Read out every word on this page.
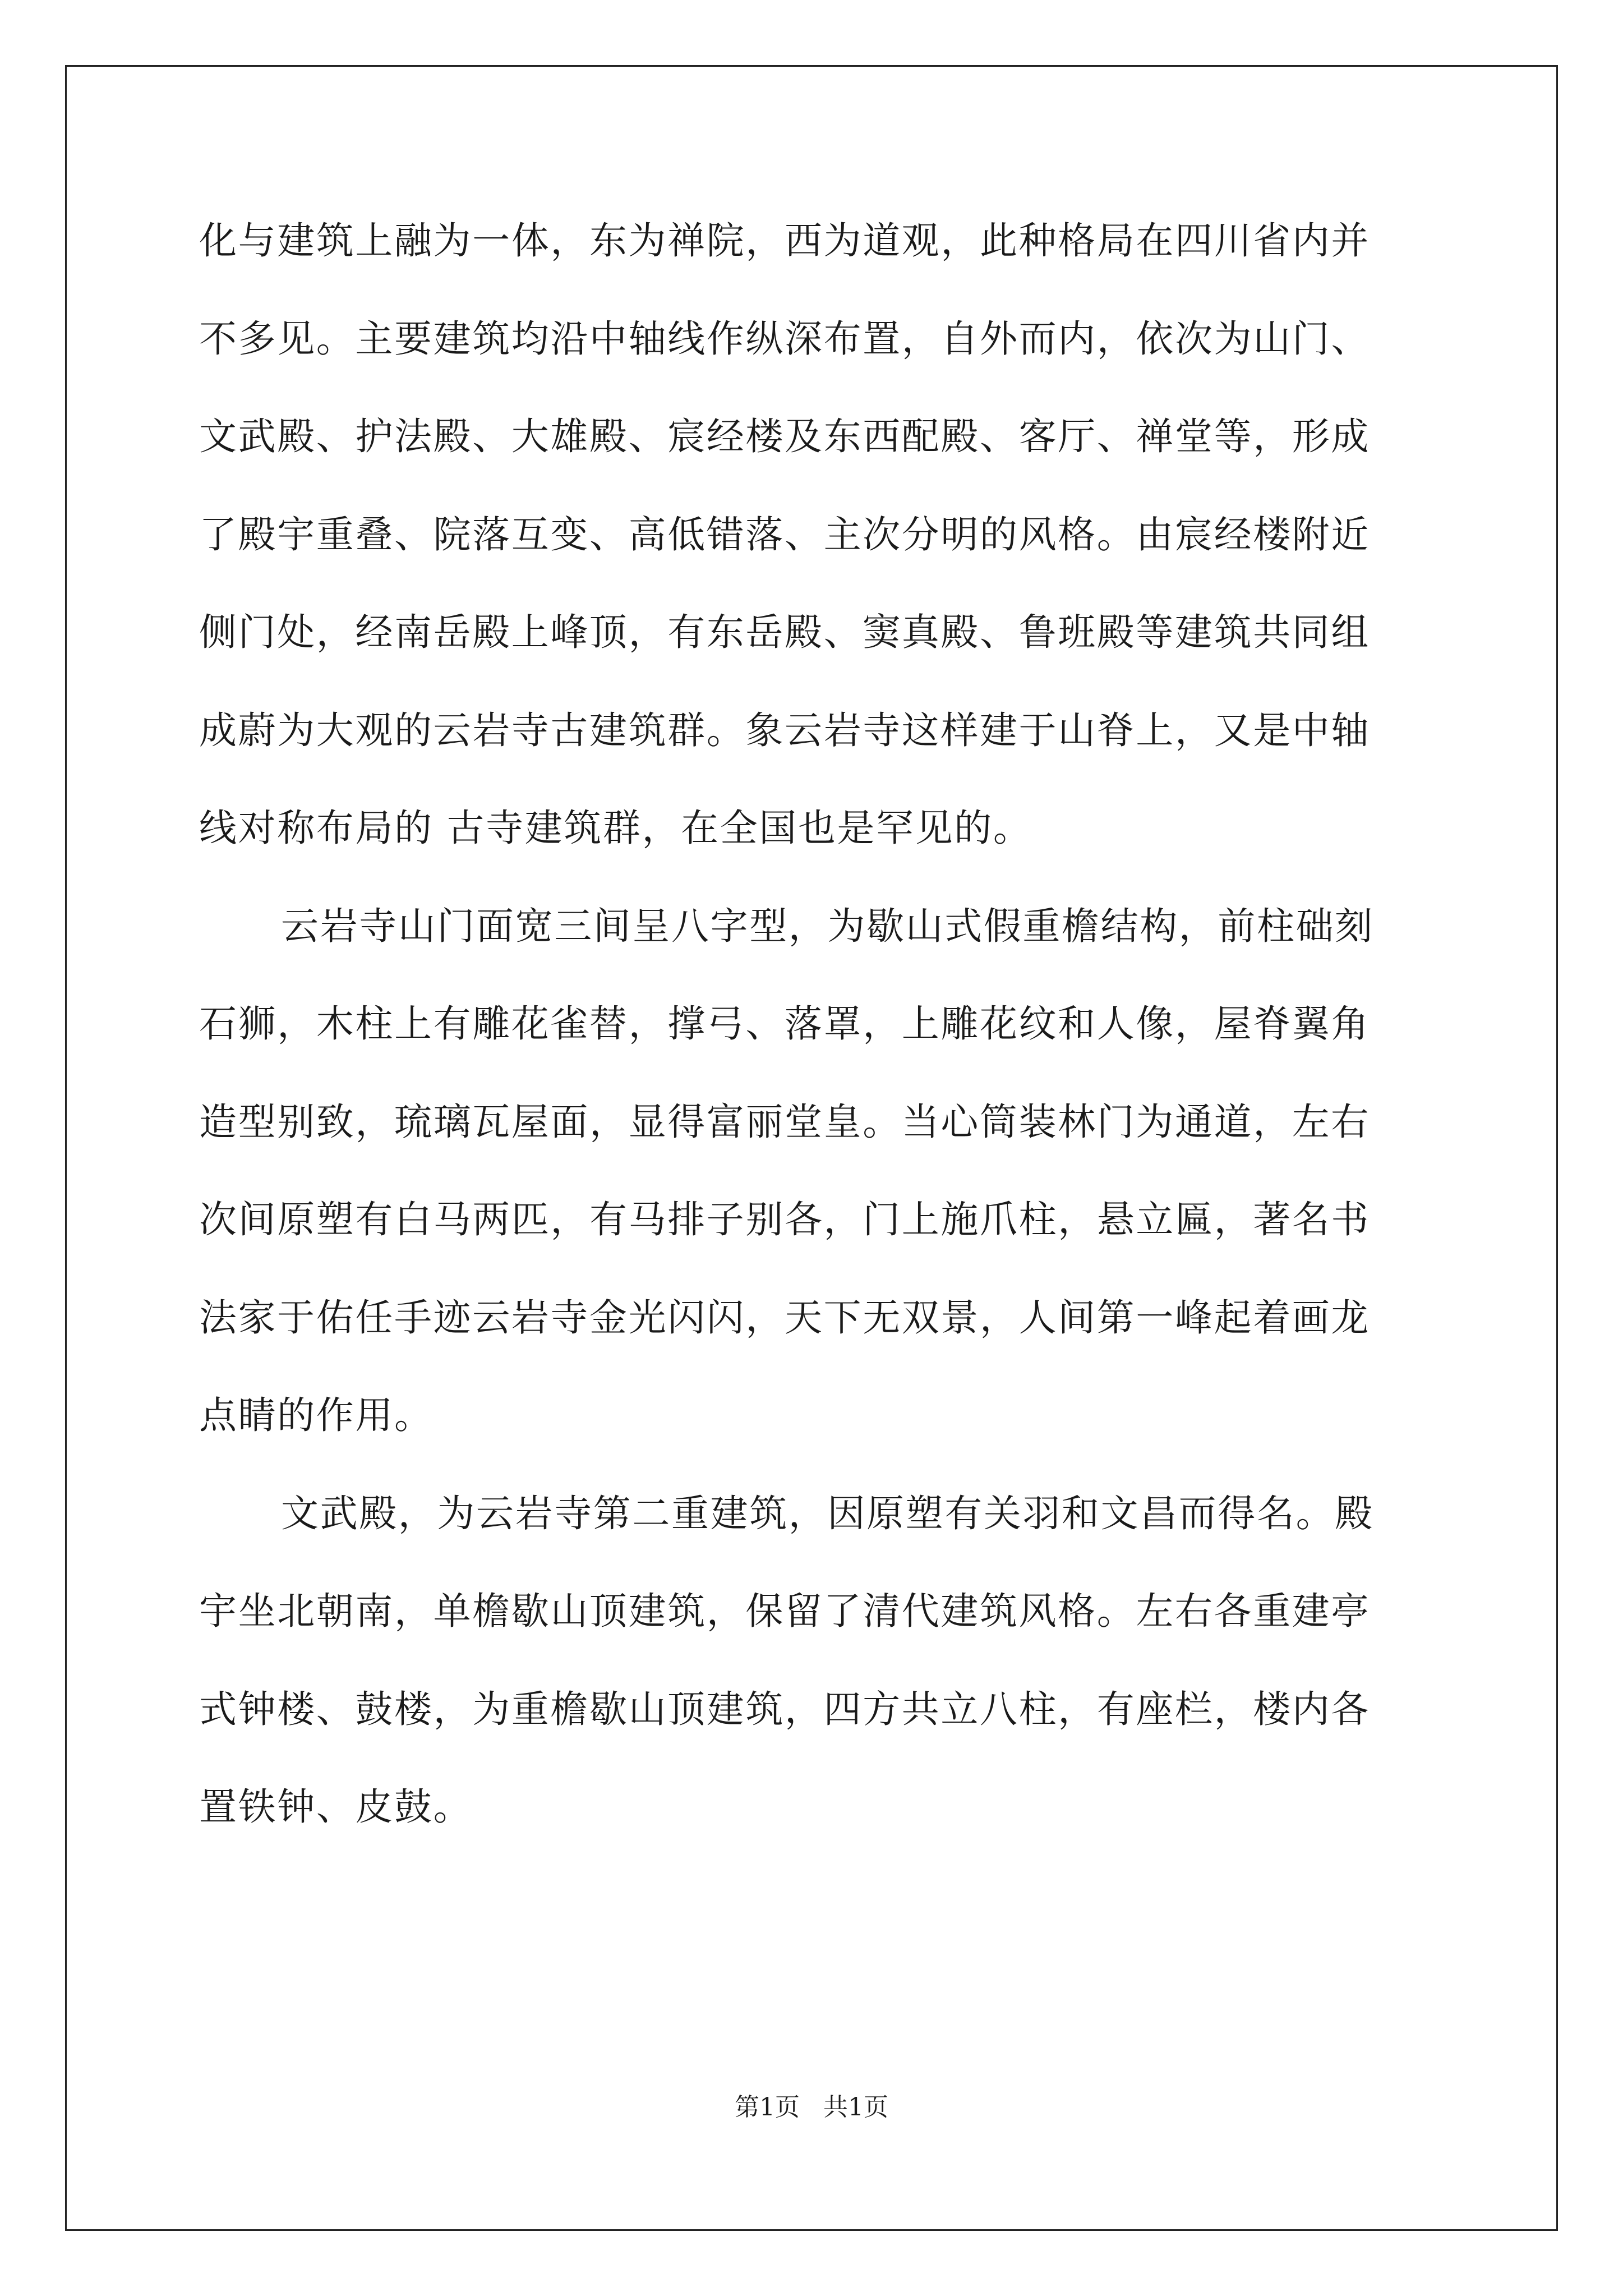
化与建筑上融为一体，东为禅院，西为道观，此种格局在四川省内并
不多见。主要建筑均沿中轴线作纵深布置，自外而内，依次为山门、
文武殿、护法殿、大雄殿、宸经楼及东西配殿、客厅、禅堂等，形成
了殿宇重叠、院落互变、高低错落、主次分明的风格。由宸经楼附近
侧门处，经南岳殿上峰顶，有东岳殿、窦真殿、鲁班殿等建筑共同组
成蔚为大观的云岩寺古建筑群。象云岩寺这样建于山脊上，又是中轴
线对称布局的 古寺建筑群，在全国也是罕见的。
云岩寺山门面宽三间呈八字型，为歇山式假重檐结构，前柱础刻
石狮，木柱上有雕花雀替，撑弓、落罩，上雕花纹和人像，屋脊翼角
造型别致，琉璃瓦屋面，显得富丽堂皇。当心筒装林门为通道，左右
次间原塑有白马两匹，有马排子别各，门上施爪柱，悬立匾，著名书
法家于佑任手迹云岩寺金光闪闪，天下无双景，人间第一峰起着画龙
点睛的作用。
文武殿，为云岩寺第二重建筑，因原塑有关羽和文昌而得名。殿
宇坐北朝南，单檐歇山顶建筑，保留了清代建筑风格。左右各重建亭
式钟楼、鼓楼，为重檐歇山顶建筑，四方共立八柱，有座栏，楼内各
置铁钟、皮鼓。
第1页   共1页
